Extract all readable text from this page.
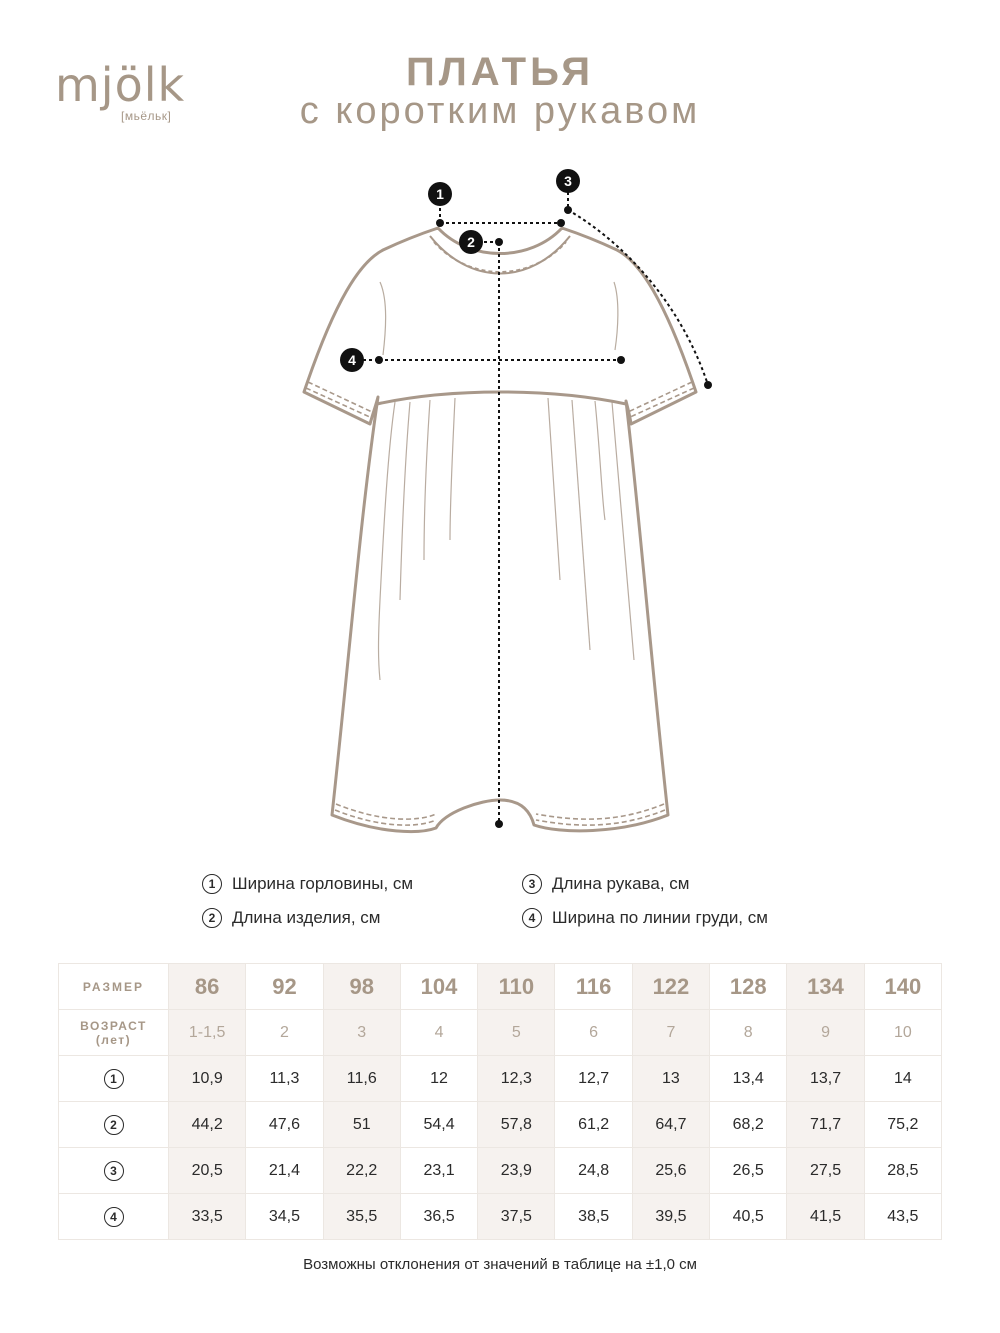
mjölk
[мьёльк]
ПЛАТЬЯ
с коротким рукавом
1
2
3
4
1 Ширина горловины, см	3 Длина рукава, см
2 Длина изделия, см	4 Ширина по линии груди, см
РАЗМЕР	86	92	98	104	110	116	122	128	134	140

ВОЗРАСТ
(лет)	1-1,5	2	3	4	5	6	7	8	9	10
1	10,9	11,3	11,6	12	12,3	12,7	13	13,4	13,7	14
2	44,2	47,6	51	54,4	57,8	61,2	64,7	68,2	71,7	75,2
3	20,5	21,4	22,2	23,1	23,9	24,8	25,6	26,5	27,5	28,5
4	33,5	34,5	35,5	36,5	37,5	38,5	39,5	40,5	41,5	43,5
Возможны отклонения от значений в таблице на ±1,0 см
